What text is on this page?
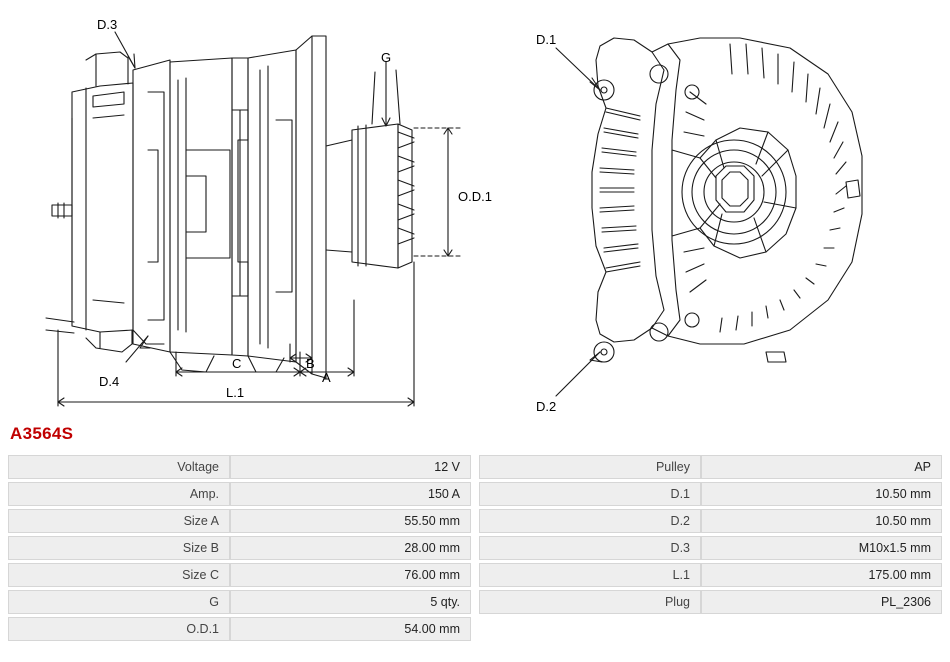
D.3
D.4
G
O.D.1
A
B
C
L.1
D.1
D.2
A3564S
Voltage	12 V
Amp.	150 A
Size A	55.50 mm
Size B	28.00 mm
Size C	76.00 mm
G	5 qty.
O.D.1	54.00 mm
Pulley	AP
D.1	10.50 mm
D.2	10.50 mm
D.3	M10x1.5 mm
L.1	175.00 mm
Plug	PL_2306
